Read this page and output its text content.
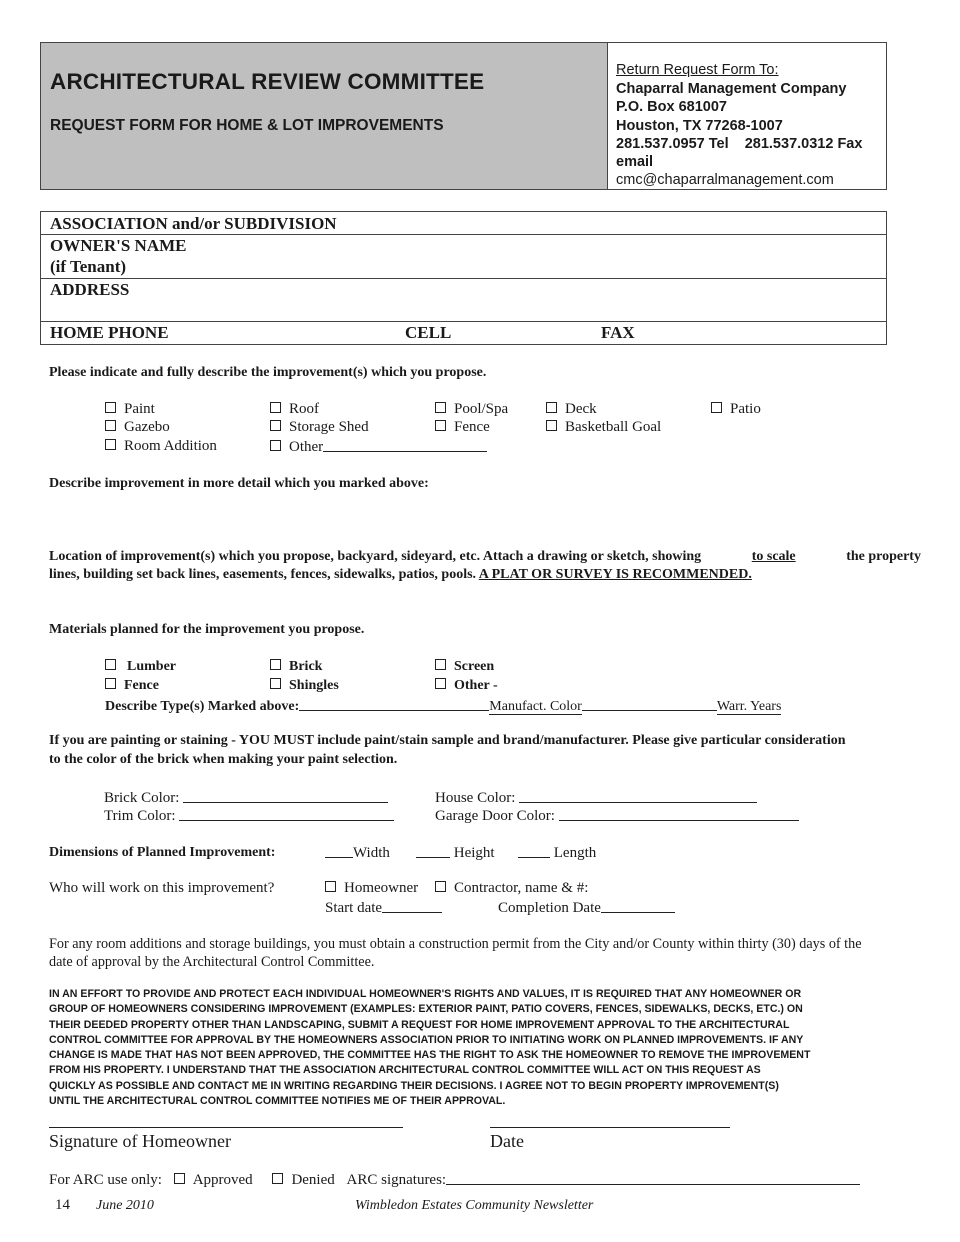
ARCHITECTURAL REVIEW COMMITTEE
REQUEST FORM FOR HOME & LOT IMPROVEMENTS
Return Request Form To:
Chaparral Management Company
P.O. Box 681007
Houston, TX 77268-1007
281.537.0957 Tel    281.537.0312 Fax
email
cmc@chaparralmanagement.com
ASSOCIATION and/or SUBDIVISION
OWNER'S NAME
(if Tenant)
ADDRESS
HOME PHONE	CELL	FAX
Please indicate and fully describe the improvement(s) which you propose.
Paint	Roof	Pool/Spa	Deck	Patio
Gazebo	Storage Shed	Fence	Basketball Goal
Room Addition	Other
Describe improvement in more detail which you marked above:
Location of improvement(s) which you propose, backyard, sideyard, etc. Attach a drawing or sketch, showing	to scale	the property
lines, building set back lines, easements, fences, sidewalks, patios, pools. A PLAT OR SURVEY IS RECOMMENDED.
Materials planned for the improvement you propose.
Lumber	Brick	Screen
Fence	Shingles	Other -
Describe Type(s) Marked above:	Manufact. Color	Warr. Years
If you are painting or staining - YOU MUST include paint/stain sample and brand/manufacturer. Please give particular consideration
to the color of the brick when making your paint selection.
Brick Color:	House Color:
Trim Color:	Garage Door Color:
Dimensions of Planned Improvement:	Width	Height	Length
Who will work on this improvement?	Homeowner	Contractor, name & #:
Start date	Completion Date
For any room additions and storage buildings, you must obtain a construction permit from the City and/or County within thirty (30) days of the
date of approval by the Architectural Control Committee.
IN AN EFFORT TO PROVIDE AND PROTECT EACH INDIVIDUAL HOMEOWNER'S RIGHTS AND VALUES, IT IS REQUIRED THAT ANY HOMEOWNER OR
GROUP OF HOMEOWNERS CONSIDERING IMPROVEMENT (EXAMPLES: EXTERIOR PAINT, PATIO COVERS, FENCES, SIDEWALKS, DECKS, ETC.) ON
THEIR DEEDED PROPERTY OTHER THAN LANDSCAPING, SUBMIT A REQUEST FOR HOME IMPROVEMENT APPROVAL TO THE ARCHITECTURAL
CONTROL COMMITTEE FOR APPROVAL BY THE HOMEOWNERS ASSOCIATION PRIOR TO INITIATING WORK ON PLANNED IMPROVEMENTS. IF ANY
CHANGE IS MADE THAT HAS NOT BEEN APPROVED, THE COMMITTEE HAS THE RIGHT TO ASK THE HOMEOWNER TO REMOVE THE IMPROVEMENT
FROM HIS PROPERTY. I UNDERSTAND THAT THE ASSOCIATION ARCHITECTURAL CONTROL COMMITTEE WILL ACT ON THIS REQUEST AS
QUICKLY AS POSSIBLE AND CONTACT ME IN WRITING REGARDING THEIR DECISIONS. I AGREE NOT TO BEGIN PROPERTY IMPROVEMENT(S)
UNTIL THE ARCHITECTURAL CONTROL COMMITTEE NOTIFIES ME OF THEIR APPROVAL.
Signature of Homeowner	Date
For ARC use only: Approved	Denied ARC signatures:
14 June 2010	Wimbledon Estates Community Newsletter
